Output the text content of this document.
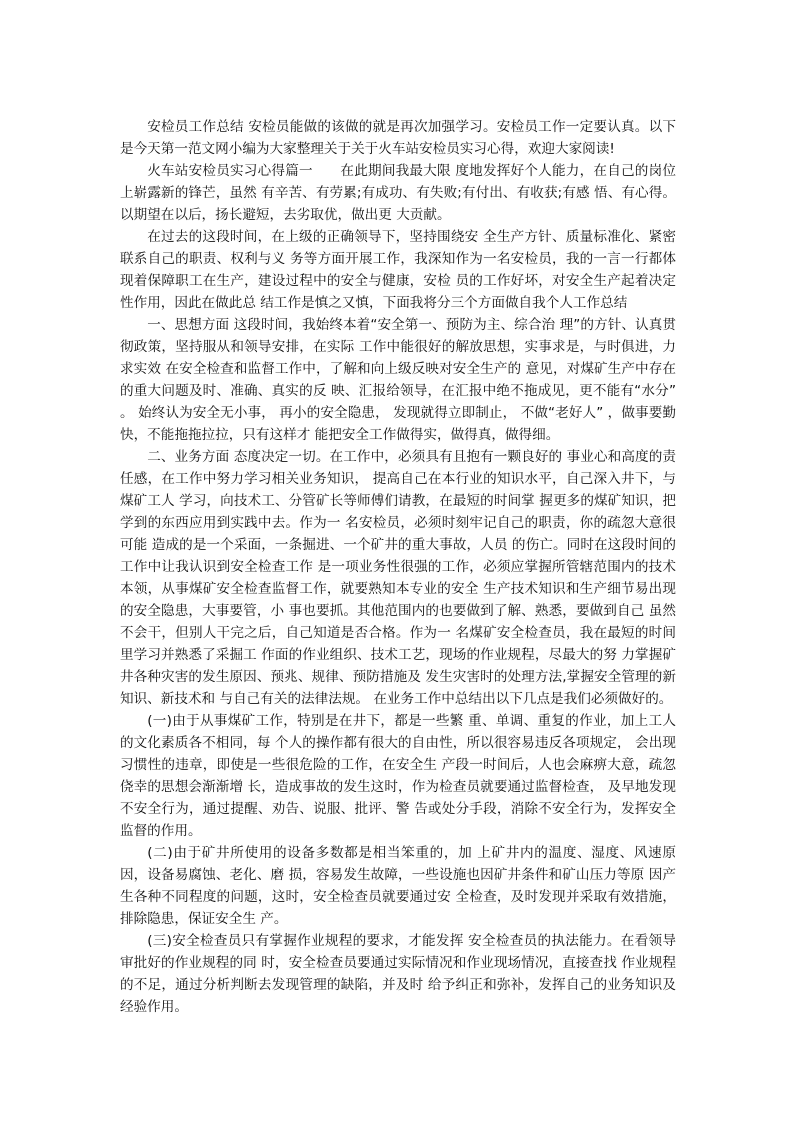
安检员工作总结 安检员能做的该做的就是再次加强学习。安检员工作一定要认真。以下是今天第一范文网小编为大家整理关于关于火车站安检员实习心得，欢迎大家阅读!

火车站安检员实习心得篇一　　在此期间我最大限 度地发挥好个人能力，在自己的岗位上崭露新的锋芒，虽然 有辛苦、有劳累;有成功、有失败;有付出、有收获;有感 悟、有心得。以期望在以后，扬长避短，去劣取优，做出更 大贡献。

在过去的这段时间，在上级的正确领导下，坚持围绕安 全生产方针、质量标准化、紧密联系自己的职责、权利与义 务等方面开展工作，我深知作为一名安检员，我的一言一行都体现着保障职工在生产，建设过程中的安全与健康，安检 员的工作好坏，对安全生产起着决定性作用，因此在做此总 结工作是慎之又慎，下面我将分三个方面做自我个人工作总结

一、思想方面 这段时间，我始终本着“安全第一、预防为主、综合治 理”的方针、认真贯彻政策，坚持服从和领导安排，在实际 工作中能很好的解放思想，实事求是，与时俱进，力求实效 在安全检查和监督工作中，了解和向上级反映对安全生产的 意见，对煤矿生产中存在的重大问题及时、准确、真实的反 映、汇报给领导，在汇报中绝不拖成见，更不能有“水分” 。 始终认为安全无小事， 再小的安全隐患， 发现就得立即制止， 不做“老好人” ，做事要勤快，不能拖拖拉拉，只有这样才 能把安全工作做得实，做得真，做得细。

二、业务方面 态度决定一切。在工作中，必须具有且抱有一颗良好的 事业心和高度的责任感，在工作中努力学习相关业务知识， 提高自己在本行业的知识水平，自己深入井下，与煤矿工人 学习，向技术工、分管矿长等师傅们请教，在最短的时间掌 握更多的煤矿知识，把学到的东西应用到实践中去。作为一 名安检员，必须时刻牢记自己的职责，你的疏忽大意很可能 造成的是一个采面，一条掘进、一个矿井的重大事故，人员 的伤亡。同时在这段时间的工作中让我认识到安全检查工作 是一项业务性很强的工作，必须应掌握所管辖范围内的技术 本领，从事煤矿安全检查监督工作，就要熟知本专业的安全 生产技术知识和生产细节易出现的安全隐患，大事要管，小 事也要抓。其他范围内的也要做到了解、熟悉，要做到自己 虽然不会干，但别人干完之后，自己知道是否合格。作为一 名煤矿安全检查员，我在最短的时间里学习并熟悉了采掘工 作面的作业组织、技术工艺，现场的作业规程，尽最大的努 力掌握矿井各种灾害的发生原因、预兆、规律、预防措施及 发生灾害时的处理方法,掌握安全管理的新知识、新技术和 与自己有关的法律法规。 在业务工作中总结出以下几点是我们必须做好的。

(一)由于从事煤矿工作，特别是在井下，都是一些繁 重、单调、重复的作业，加上工人的文化素质各不相同，每 个人的操作都有很大的自由性，所以很容易违反各项规定， 会出现习惯性的违章，即使是一些很危险的工作，在安全生 产段一时间后，人也会麻痹大意，疏忽侥幸的思想会渐渐增 长，造成事故的发生这时，作为检查员就要通过监督检查， 及早地发现不安全行为，通过提醒、劝告、说服、批评、警 告或处分手段，消除不安全行为，发挥安全监督的作用。

(二)由于矿井所使用的设备多数都是相当笨重的，加 上矿井内的温度、湿度、风速原因，设备易腐蚀、老化、磨 损，容易发生故障，一些设施也因矿井条件和矿山压力等原 因产生各种不同程度的问题，这时，安全检查员就要通过安 全检查，及时发现并采取有效措施，排除隐患，保证安全生 产。

(三)安全检查员只有掌握作业规程的要求，才能发挥 安全检查员的执法能力。在看领导审批好的作业规程的同 时，安全检查员要通过实际情况和作业现场情况，直接查找 作业规程的不足，通过分析判断去发现管理的缺陷，并及时 给予纠正和弥补，发挥自己的业务知识及经验作用。
